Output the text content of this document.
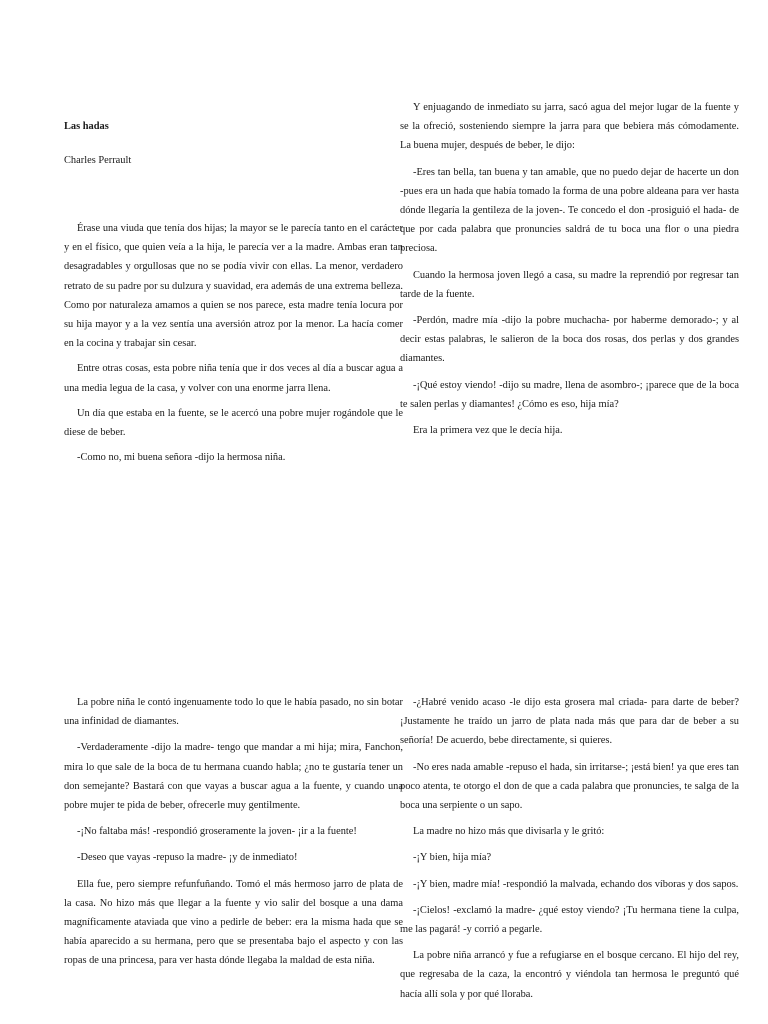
Las hadas

Charles Perrault

Érase una viuda que tenía dos hijas; la mayor se le parecía tanto en el carácter y en el físico, que quien veía a la hija, le parecía ver a la madre. Ambas eran tan desagradables y orgullosas que no se podía vivir con ellas. La menor, verdadero retrato de su padre por su dulzura y suavidad, era además de una extrema belleza. Como por naturaleza amamos a quien se nos parece, esta madre tenía locura por su hija mayor y a la vez sentía una aversión atroz por la menor. La hacía comer en la cocina y trabajar sin cesar.

Entre otras cosas, esta pobre niña tenía que ir dos veces al día a buscar agua a una media legua de la casa, y volver con una enorme jarra llena.

Un día que estaba en la fuente, se le acercó una pobre mujer rogándole que le diese de beber.

-Como no, mi buena señora -dijo la hermosa niña.

Y enjuagando de inmediato su jarra, sacó agua del mejor lugar de la fuente y se la ofreció, sosteniendo siempre la jarra para que bebiera más cómodamente. La buena mujer, después de beber, le dijo:

-Eres tan bella, tan buena y tan amable, que no puedo dejar de hacerte un don -pues era un hada que había tomado la forma de una pobre aldeana para ver hasta dónde llegaría la gentileza de la joven-. Te concedo el don -prosiguió el hada- de que por cada palabra que pronuncies saldrá de tu boca una flor o una piedra preciosa.

Cuando la hermosa joven llegó a casa, su madre la reprendió por regresar tan tarde de la fuente.

-Perdón, madre mía -dijo la pobre muchacha- por haberme demorado-; y al decir estas palabras, le salieron de la boca dos rosas, dos perlas y dos grandes diamantes.

-¡Qué estoy viendo! -dijo su madre, llena de asombro-; ¡parece que de la boca te salen perlas y diamantes! ¿Cómo es eso, hija mía?

Era la primera vez que le decía hija.

La pobre niña le contó ingenuamente todo lo que le había pasado, no sin botar una infinidad de diamantes.

-Verdaderamente -dijo la madre- tengo que mandar a mi hija; mira, Fanchon, mira lo que sale de la boca de tu hermana cuando habla; ¿no te gustaría tener un don semejante? Bastará con que vayas a buscar agua a la fuente, y cuando una pobre mujer te pida de beber, ofrecerle muy gentilmente.

-¡No faltaba más! -respondió groseramente la joven- ¡ir a la fuente!

-Deseo que vayas -repuso la madre- ¡y de inmediato!

Ella fue, pero siempre refunfuñando. Tomó el más hermoso jarro de plata de la casa. No hizo más que llegar a la fuente y vio salir del bosque a una dama magníficamente ataviada que vino a pedirle de beber: era la misma hada que se había aparecido a su hermana, pero que se presentaba bajo el aspecto y con las ropas de una princesa, para ver hasta dónde llegaba la maldad de esta niña.

-¿Habré venido acaso -le dijo esta grosera mal criada- para darte de beber? ¡Justamente he traído un jarro de plata nada más que para dar de beber a su señoría! De acuerdo, bebe directamente, si quieres.

-No eres nada amable -repuso el hada, sin irritarse-; ¡está bien! ya que eres tan poco atenta, te otorgo el don de que a cada palabra que pronuncies, te salga de la boca una serpiente o un sapo.

La madre no hizo más que divisarla y le gritó:

-¡Y bien, hija mía?

-¡Y bien, madre mía! -respondió la malvada, echando dos víboras y dos sapos.

-¡Cielos! -exclamó la madre- ¿qué estoy viendo? ¡Tu hermana tiene la culpa, me las pagará! -y corrió a pegarle.

La pobre niña arrancó y fue a refugiarse en el bosque cercano. El hijo del rey, que regresaba de la caza, la encontró y viéndola tan hermosa le preguntó qué hacía allí sola y por qué lloraba.
